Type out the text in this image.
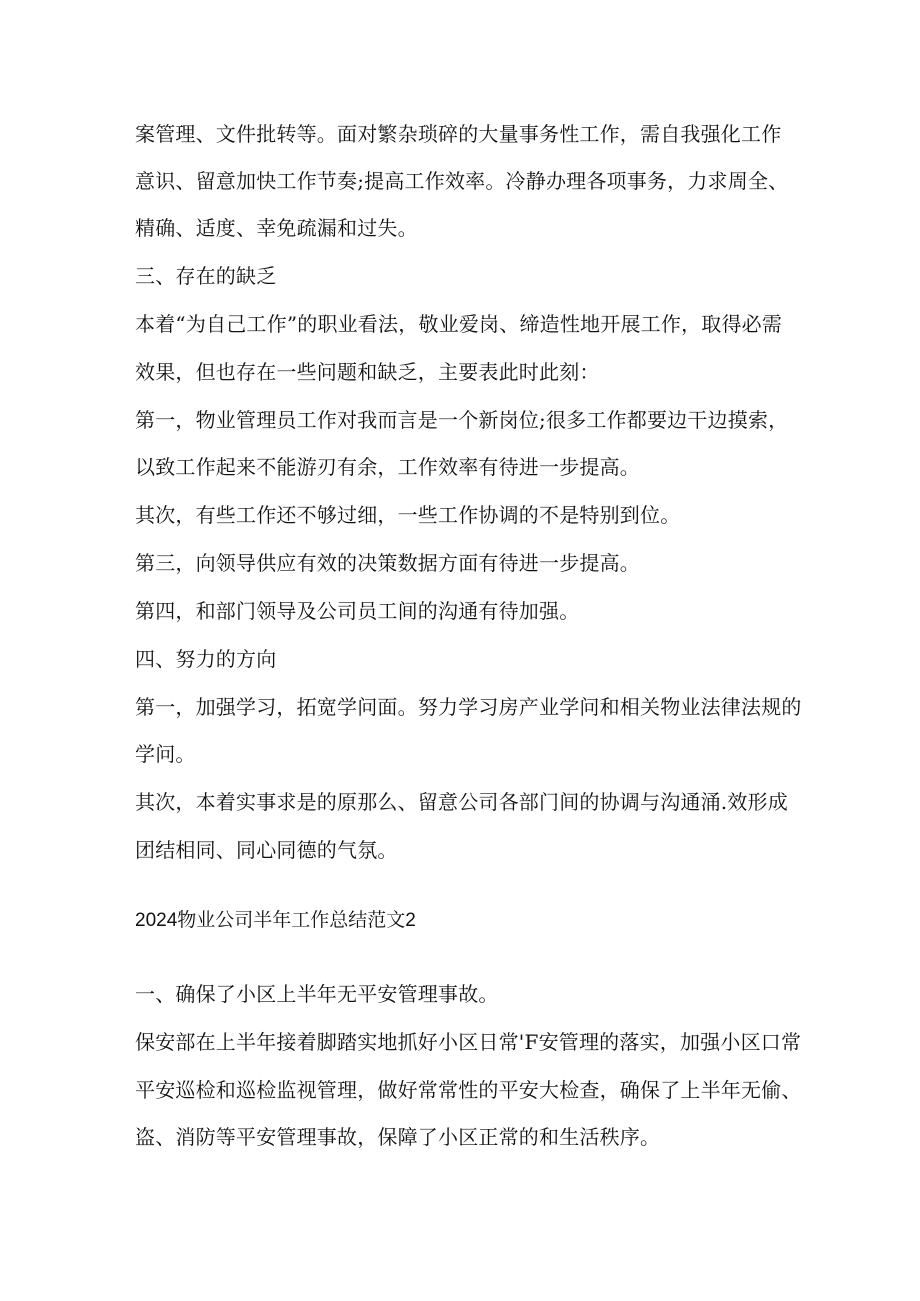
案管理、文件批转等。面对繁杂琐碎的大量事务性工作，需自我强化工作
意识、留意加快工作节奏;提高工作效率。冷静办理各项事务，力求周全、
精确、适度、幸免疏漏和过失。
三、存在的缺乏
本着“为自己工作”的职业看法，敬业爱岗、缔造性地开展工作，取得必需
效果，但也存在一些问题和缺乏，主要表此时此刻：
第一，物业管理员工作对我而言是一个新岗位;很多工作都要边干边摸索，
以致工作起来不能游刃有余，工作效率有待进一步提高。
其次，有些工作还不够过细，一些工作协调的不是特别到位。
第三，向领导供应有效的决策数据方面有待进一步提高。
第四，和部门领导及公司员工间的沟通有待加强。
四、努力的方向
第一，加强学习，拓宽学问面。努力学习房产业学问和相关物业法律法规的
学问。
其次，本着实事求是的原那么、留意公司各部门间的协调与沟通涌.效形成
团结相同、同心同德的气氛。
2024物业公司半年工作总结范文2
一、确保了小区上半年无平安管理事故。
保安部在上半年接着脚踏实地抓好小区日常'F安管理的落实，加强小区口常
平安巡检和巡检监视管理，做好常常性的平安大检查，确保了上半年无偷、
盗、消防等平安管理事故，保障了小区正常的和生活秩序。
